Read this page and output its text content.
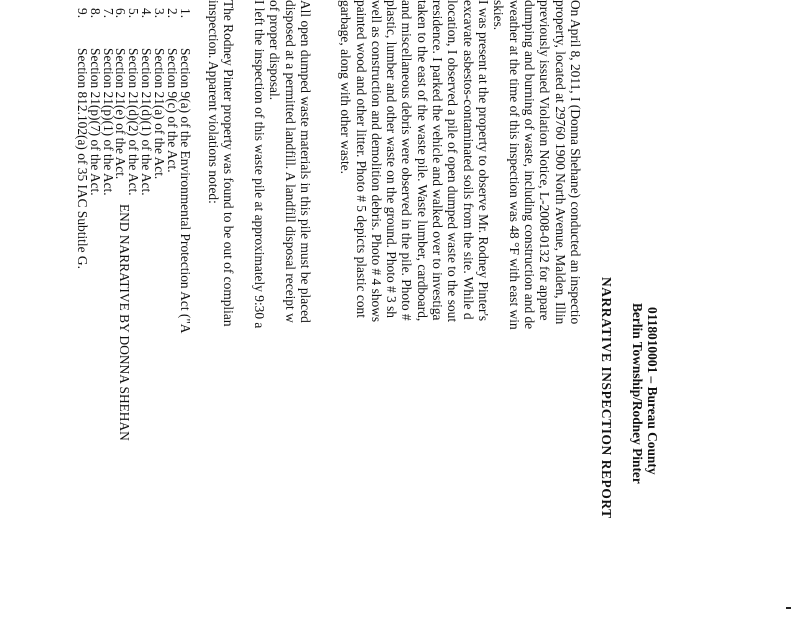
0118010001 – Bureau County
Berlin Township/Rodney Pinter
NARRATIVE INSPECTION REPORT
On April 8, 2011, I (Donna Shehane) conducted an inspectio
property, located at 29760 1900 North Avenue, Malden, Illin
previously issued Violation Notice, L-2008-0132 for appare
dumping and burning of waste, including construction and de
weather at the time of this inspection was 48 °F with east win
skies.
I was present at the property to observe Mr. Rodney Pinter's
excavate asbestos-contaminated soils from the site. While d
location, I observed a pile of open dumped waste to the sout
residence. I parked the vehicle and walked over to investiga
taken to the east of the waste pile. Waste lumber, cardboard,
and miscellaneous debris were observed in the pile. Photo #
plastic, lumber and other waste on the ground. Photo # 3 sh
well as construction and demolition debris. Photo # 4 shows
painted wood and other litter. Photo # 5 depicts plastic cont
garbage, along with other waste.
All open dumped waste materials in this pile must be placed
disposed at a permitted landfill. A landfill disposal receipt w
of proper disposal.
I left the inspection of this waste pile at approximately 9:30 a
The Rodney Pinter property was found to be out of complian
inspection. Apparent violations noted:
1.Section 9(a) of the Environmental Protection Act ("A
2.Section 9(c) of the Act.
3.Section 21(a) of the Act.
4.Section 21(d)(1) of the Act.
5.Section 21(d)(2) of the Act.
6.Section 21(e) of the Act.
7.Section 21(p)(1) of the Act.
8.Section 21(p)(7) of the Act.
9.Section 812.102(a) of 35 IAC Subtitle G.
END NARRATIVE BY DONNA SHEHAN
